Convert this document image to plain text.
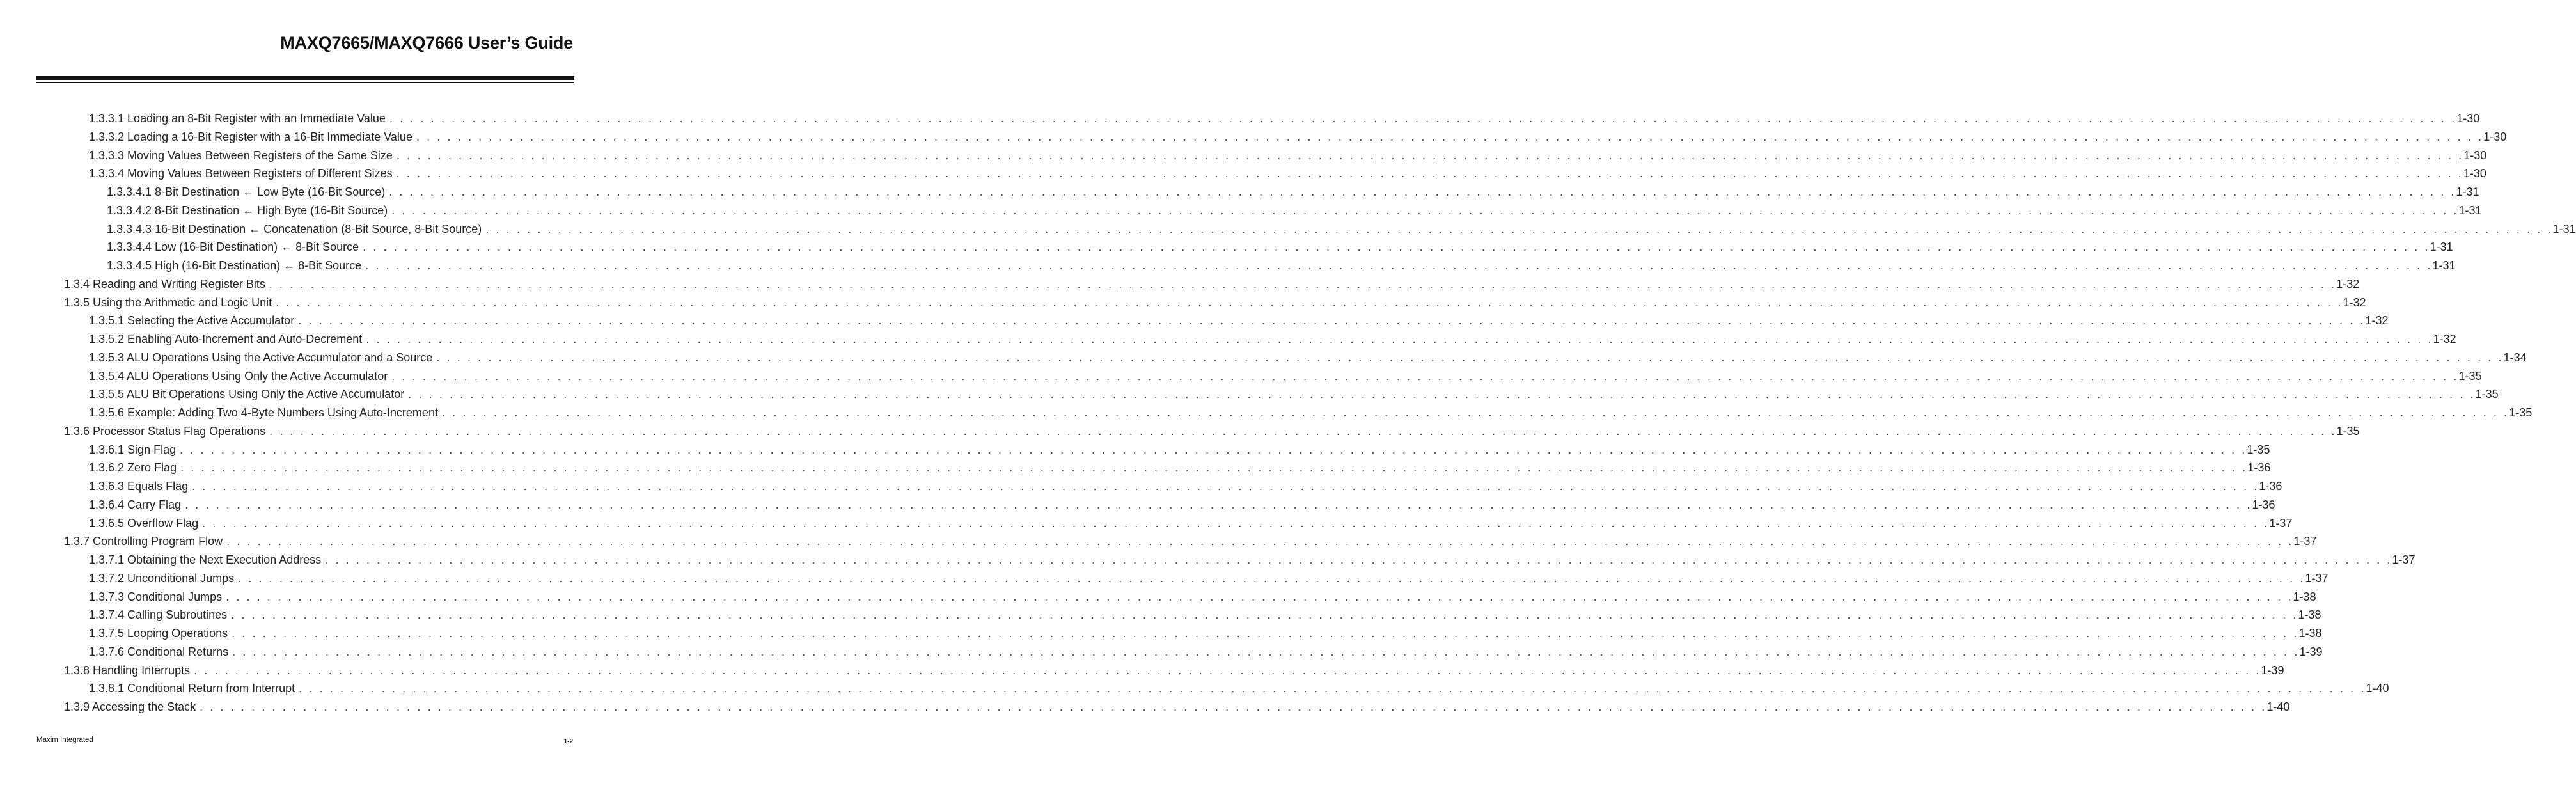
MAXQ7665/MAXQ7666 User’s Guide
1.3.3.1 Loading an 8-Bit Register with an Immediate Value . . . . . . . . . . . . . . . . . . . . . . . . . . . . . . . . . . . . . . . . . . . . . . . . . . . . . . . . . . . . . . . . . . . . . . . . . . . . . . . . . . . . . . . . . . . . . . . . . . . . . . . . . . . . . . . . . . . . . . . . . . . . . . . . . . . . . . . . . . . . . . . . . . . . . . . . . . . . . . . . . . . . . . . . . . . . . . . . . . . . . . . . . . . . . . . . . . . . . . . . 1-30
1.3.3.2 Loading a 16-Bit Register with a 16-Bit Immediate Value . . . . . . . . . . . . . . . . . . . . . . . . . . . . . . . . . . . . . . . . . . . . . . . . . . . . . . . . . . . . . . . . . . . . . . . . . . . . . . . . . . . . . . . . . . . . . . . . . . . . . . . . . . . . . . . . . . . . . . . . . . . . . . . . . . . . . . . . . . . . . . . . . . . . . . . . . . . . . . . . . . . . . . . . . . . . . . . . . . . . . . . . . . . . . . . . . . . . . . . . 1-30
1.3.3.3 Moving Values Between Registers of the Same Size . . . . . . . . . . . . . . . . . . . . . . . . . . . . . . . . . . . . . . . . . . . . . . . . . . . . . . . . . . . . . . . . . . . . . . . . . . . . . . . . . . . . . . . . . . . . . . . . . . . . . . . . . . . . . . . . . . . . . . . . . . . . . . . . . . . . . . . . . . . . . . . . . . . . . . . . . . . . . . . . . . . . . . . . . . . . . . . . . . . . . . . . . . . . . . . . . . . . . . . . 1-30
1.3.3.4 Moving Values Between Registers of Different Sizes . . . . . . . . . . . . . . . . . . . . . . . . . . . . . . . . . . . . . . . . . . . . . . . . . . . . . . . . . . . . . . . . . . . . . . . . . . . . . . . . . . . . . . . . . . . . . . . . . . . . . . . . . . . . . . . . . . . . . . . . . . . . . . . . . . . . . . . . . . . . . . . . . . . . . . . . . . . . . . . . . . . . . . . . . . . . . . . . . . . . . . . . . . . . . . . . . . . . . . . . 1-30
1.3.3.4.1 8-Bit Destination ← Low Byte (16-Bit Source) . . . . . . . . . . . . . . . . . . . . . . . . . . . . . . . . . . . . . . . . . . . . . . . . . . . . . . . . . . . . . . . . . . . . . . . . . . . . . . . . . . . . . . . . . . . . . . . . . . . . . . . . . . . . . . . . . . . . . . . . . . . . . . . . . . . . . . . . . . . . . . . . . . . . . . . . . . . . . . . . . . . . . . . . . . . . . . . . . . . . . . . . . . . . . . . . . . . . . . . . 1-31
1.3.3.4.2 8-Bit Destination ← High Byte (16-Bit Source) . . . . . . . . . . . . . . . . . . . . . . . . . . . . . . . . . . . . . . . . . . . . . . . . . . . . . . . . . . . . . . . . . . . . . . . . . . . . . . . . . . . . . . . . . . . . . . . . . . . . . . . . . . . . . . . . . . . . . . . . . . . . . . . . . . . . . . . . . . . . . . . . . . . . . . . . . . . . . . . . . . . . . . . . . . . . . . . . . . . . . . . . . . . . . . . . . . . . . . . . 1-31
1.3.3.4.3 16-Bit Destination ← Concatenation (8-Bit Source, 8-Bit Source) . . . . . . . . . . . . . . . . . . . . . . . . . . . . . . . . . . . . . . . . . . . . . . . . . . . . . . . . . . . . . . . . . . . . . . . . . . . . . . . . . . . . . . . . . . . . . . . . . . . . . . . . . . . . . . . . . . . . . . . . . . . . . . . . . . . . . . . . . . . . . . . . . . . . . . . . . . . . . . . . . . . . . . . . . . . . . . . . . . . . . . . . . . . . . . . . . . . . . . . . 1-31
1.3.3.4.4 Low (16-Bit Destination) ← 8-Bit Source . . . . . . . . . . . . . . . . . . . . . . . . . . . . . . . . . . . . . . . . . . . . . . . . . . . . . . . . . . . . . . . . . . . . . . . . . . . . . . . . . . . . . . . . . . . . . . . . . . . . . . . . . . . . . . . . . . . . . . . . . . . . . . . . . . . . . . . . . . . . . . . . . . . . . . . . . . . . . . . . . . . . . . . . . . . . . . . . . . . . . . . . . . . . . . . . . . . . . . . . 1-31
1.3.3.4.5 High (16-Bit Destination) ← 8-Bit Source . . . . . . . . . . . . . . . . . . . . . . . . . . . . . . . . . . . . . . . . . . . . . . . . . . . . . . . . . . . . . . . . . . . . . . . . . . . . . . . . . . . . . . . . . . . . . . . . . . . . . . . . . . . . . . . . . . . . . . . . . . . . . . . . . . . . . . . . . . . . . . . . . . . . . . . . . . . . . . . . . . . . . . . . . . . . . . . . . . . . . . . . . . . . . . . . . . . . . . . . 1-31
1.3.4 Reading and Writing Register Bits . . . . . . . . . . . . . . . . . . . . . . . . . . . . . . . . . . . . . . . . . . . . . . . . . . . . . . . . . . . . . . . . . . . . . . . . . . . . . . . . . . . . . . . . . . . . . . . . . . . . . . . . . . . . . . . . . . . . . . . . . . . . . . . . . . . . . . . . . . . . . . . . . . . . . . . . . . . . . . . . . . . . . . . . . . . . . . . . . . . . . . . . . . . . . . . . . . . . . . . . 1-32
1.3.5 Using the Arithmetic and Logic Unit . . . . . . . . . . . . . . . . . . . . . . . . . . . . . . . . . . . . . . . . . . . . . . . . . . . . . . . . . . . . . . . . . . . . . . . . . . . . . . . . . . . . . . . . . . . . . . . . . . . . . . . . . . . . . . . . . . . . . . . . . . . . . . . . . . . . . . . . . . . . . . . . . . . . . . . . . . . . . . . . . . . . . . . . . . . . . . . . . . . . . . . . . . . . . . . . . . . . . . . . 1-32
1.3.5.1 Selecting the Active Accumulator . . . . . . . . . . . . . . . . . . . . . . . . . . . . . . . . . . . . . . . . . . . . . . . . . . . . . . . . . . . . . . . . . . . . . . . . . . . . . . . . . . . . . . . . . . . . . . . . . . . . . . . . . . . . . . . . . . . . . . . . . . . . . . . . . . . . . . . . . . . . . . . . . . . . . . . . . . . . . . . . . . . . . . . . . . . . . . . . . . . . . . . . . . . . . . . . . . . . . . . . 1-32
1.3.5.2 Enabling Auto-Increment and Auto-Decrement . . . . . . . . . . . . . . . . . . . . . . . . . . . . . . . . . . . . . . . . . . . . . . . . . . . . . . . . . . . . . . . . . . . . . . . . . . . . . . . . . . . . . . . . . . . . . . . . . . . . . . . . . . . . . . . . . . . . . . . . . . . . . . . . . . . . . . . . . . . . . . . . . . . . . . . . . . . . . . . . . . . . . . . . . . . . . . . . . . . . . . . . . . . . . . . . . . . . . . . . 1-32
1.3.5.3 ALU Operations Using the Active Accumulator and a Source . . . . . . . . . . . . . . . . . . . . . . . . . . . . . . . . . . . . . . . . . . . . . . . . . . . . . . . . . . . . . . . . . . . . . . . . . . . . . . . . . . . . . . . . . . . . . . . . . . . . . . . . . . . . . . . . . . . . . . . . . . . . . . . . . . . . . . . . . . . . . . . . . . . . . . . . . . . . . . . . . . . . . . . . . . . . . . . . . . . . . . . . . . . . . . . . . . . . . . . . 1-34
1.3.5.4 ALU Operations Using Only the Active Accumulator . . . . . . . . . . . . . . . . . . . . . . . . . . . . . . . . . . . . . . . . . . . . . . . . . . . . . . . . . . . . . . . . . . . . . . . . . . . . . . . . . . . . . . . . . . . . . . . . . . . . . . . . . . . . . . . . . . . . . . . . . . . . . . . . . . . . . . . . . . . . . . . . . . . . . . . . . . . . . . . . . . . . . . . . . . . . . . . . . . . . . . . . . . . . . . . . . . . . . . . . 1-35
1.3.5.5 ALU Bit Operations Using Only the Active Accumulator . . . . . . . . . . . . . . . . . . . . . . . . . . . . . . . . . . . . . . . . . . . . . . . . . . . . . . . . . . . . . . . . . . . . . . . . . . . . . . . . . . . . . . . . . . . . . . . . . . . . . . . . . . . . . . . . . . . . . . . . . . . . . . . . . . . . . . . . . . . . . . . . . . . . . . . . . . . . . . . . . . . . . . . . . . . . . . . . . . . . . . . . . . . . . . . . . . . . . . . . 1-35
1.3.5.6 Example: Adding Two 4-Byte Numbers Using Auto-Increment . . . . . . . . . . . . . . . . . . . . . . . . . . . . . . . . . . . . . . . . . . . . . . . . . . . . . . . . . . . . . . . . . . . . . . . . . . . . . . . . . . . . . . . . . . . . . . . . . . . . . . . . . . . . . . . . . . . . . . . . . . . . . . . . . . . . . . . . . . . . . . . . . . . . . . . . . . . . . . . . . . . . . . . . . . . . . . . . . . . . . . . . . . . . . . . . . . . . . . . . 1-35
1.3.6 Processor Status Flag Operations . . . . . . . . . . . . . . . . . . . . . . . . . . . . . . . . . . . . . . . . . . . . . . . . . . . . . . . . . . . . . . . . . . . . . . . . . . . . . . . . . . . . . . . . . . . . . . . . . . . . . . . . . . . . . . . . . . . . . . . . . . . . . . . . . . . . . . . . . . . . . . . . . . . . . . . . . . . . . . . . . . . . . . . . . . . . . . . . . . . . . . . . . . . . . . . . . . . . . . . . 1-35
1.3.6.1 Sign Flag . . . . . . . . . . . . . . . . . . . . . . . . . . . . . . . . . . . . . . . . . . . . . . . . . . . . . . . . . . . . . . . . . . . . . . . . . . . . . . . . . . . . . . . . . . . . . . . . . . . . . . . . . . . . . . . . . . . . . . . . . . . . . . . . . . . . . . . . . . . . . . . . . . . . . . . . . . . . . . . . . . . . . . . . . . . . . . . . . . . . . . . . . . . . . . . . . . . . . . . . 1-35
1.3.6.2 Zero Flag . . . . . . . . . . . . . . . . . . . . . . . . . . . . . . . . . . . . . . . . . . . . . . . . . . . . . . . . . . . . . . . . . . . . . . . . . . . . . . . . . . . . . . . . . . . . . . . . . . . . . . . . . . . . . . . . . . . . . . . . . . . . . . . . . . . . . . . . . . . . . . . . . . . . . . . . . . . . . . . . . . . . . . . . . . . . . . . . . . . . . . . . . . . . . . . . . . . . . . . . 1-36
1.3.6.3 Equals Flag . . . . . . . . . . . . . . . . . . . . . . . . . . . . . . . . . . . . . . . . . . . . . . . . . . . . . . . . . . . . . . . . . . . . . . . . . . . . . . . . . . . . . . . . . . . . . . . . . . . . . . . . . . . . . . . . . . . . . . . . . . . . . . . . . . . . . . . . . . . . . . . . . . . . . . . . . . . . . . . . . . . . . . . . . . . . . . . . . . . . . . . . . . . . . . . . . . . . . . . . 1-36
1.3.6.4 Carry Flag . . . . . . . . . . . . . . . . . . . . . . . . . . . . . . . . . . . . . . . . . . . . . . . . . . . . . . . . . . . . . . . . . . . . . . . . . . . . . . . . . . . . . . . . . . . . . . . . . . . . . . . . . . . . . . . . . . . . . . . . . . . . . . . . . . . . . . . . . . . . . . . . . . . . . . . . . . . . . . . . . . . . . . . . . . . . . . . . . . . . . . . . . . . . . . . . . . . . . . . . 1-36
1.3.6.5 Overflow Flag . . . . . . . . . . . . . . . . . . . . . . . . . . . . . . . . . . . . . . . . . . . . . . . . . . . . . . . . . . . . . . . . . . . . . . . . . . . . . . . . . . . . . . . . . . . . . . . . . . . . . . . . . . . . . . . . . . . . . . . . . . . . . . . . . . . . . . . . . . . . . . . . . . . . . . . . . . . . . . . . . . . . . . . . . . . . . . . . . . . . . . . . . . . . . . . . . . . . . . . . 1-37
1.3.7 Controlling Program Flow . . . . . . . . . . . . . . . . . . . . . . . . . . . . . . . . . . . . . . . . . . . . . . . . . . . . . . . . . . . . . . . . . . . . . . . . . . . . . . . . . . . . . . . . . . . . . . . . . . . . . . . . . . . . . . . . . . . . . . . . . . . . . . . . . . . . . . . . . . . . . . . . . . . . . . . . . . . . . . . . . . . . . . . . . . . . . . . . . . . . . . . . . . . . . . . . . . . . . . . . 1-37
1.3.7.1 Obtaining the Next Execution Address . . . . . . . . . . . . . . . . . . . . . . . . . . . . . . . . . . . . . . . . . . . . . . . . . . . . . . . . . . . . . . . . . . . . . . . . . . . . . . . . . . . . . . . . . . . . . . . . . . . . . . . . . . . . . . . . . . . . . . . . . . . . . . . . . . . . . . . . . . . . . . . . . . . . . . . . . . . . . . . . . . . . . . . . . . . . . . . . . . . . . . . . . . . . . . . . . . . . . . . . 1-37
1.3.7.2 Unconditional Jumps . . . . . . . . . . . . . . . . . . . . . . . . . . . . . . . . . . . . . . . . . . . . . . . . . . . . . . . . . . . . . . . . . . . . . . . . . . . . . . . . . . . . . . . . . . . . . . . . . . . . . . . . . . . . . . . . . . . . . . . . . . . . . . . . . . . . . . . . . . . . . . . . . . . . . . . . . . . . . . . . . . . . . . . . . . . . . . . . . . . . . . . . . . . . . . . . . . . . . . . . 1-37
1.3.7.3 Conditional Jumps . . . . . . . . . . . . . . . . . . . . . . . . . . . . . . . . . . . . . . . . . . . . . . . . . . . . . . . . . . . . . . . . . . . . . . . . . . . . . . . . . . . . . . . . . . . . . . . . . . . . . . . . . . . . . . . . . . . . . . . . . . . . . . . . . . . . . . . . . . . . . . . . . . . . . . . . . . . . . . . . . . . . . . . . . . . . . . . . . . . . . . . . . . . . . . . . . . . . . . . . 1-38
1.3.7.4 Calling Subroutines . . . . . . . . . . . . . . . . . . . . . . . . . . . . . . . . . . . . . . . . . . . . . . . . . . . . . . . . . . . . . . . . . . . . . . . . . . . . . . . . . . . . . . . . . . . . . . . . . . . . . . . . . . . . . . . . . . . . . . . . . . . . . . . . . . . . . . . . . . . . . . . . . . . . . . . . . . . . . . . . . . . . . . . . . . . . . . . . . . . . . . . . . . . . . . . . . . . . . . . . 1-38
1.3.7.5 Looping Operations . . . . . . . . . . . . . . . . . . . . . . . . . . . . . . . . . . . . . . . . . . . . . . . . . . . . . . . . . . . . . . . . . . . . . . . . . . . . . . . . . . . . . . . . . . . . . . . . . . . . . . . . . . . . . . . . . . . . . . . . . . . . . . . . . . . . . . . . . . . . . . . . . . . . . . . . . . . . . . . . . . . . . . . . . . . . . . . . . . . . . . . . . . . . . . . . . . . . . . . . 1-38
1.3.7.6 Conditional Returns . . . . . . . . . . . . . . . . . . . . . . . . . . . . . . . . . . . . . . . . . . . . . . . . . . . . . . . . . . . . . . . . . . . . . . . . . . . . . . . . . . . . . . . . . . . . . . . . . . . . . . . . . . . . . . . . . . . . . . . . . . . . . . . . . . . . . . . . . . . . . . . . . . . . . . . . . . . . . . . . . . . . . . . . . . . . . . . . . . . . . . . . . . . . . . . . . . . . . . . . 1-39
1.3.8 Handling Interrupts . . . . . . . . . . . . . . . . . . . . . . . . . . . . . . . . . . . . . . . . . . . . . . . . . . . . . . . . . . . . . . . . . . . . . . . . . . . . . . . . . . . . . . . . . . . . . . . . . . . . . . . . . . . . . . . . . . . . . . . . . . . . . . . . . . . . . . . . . . . . . . . . . . . . . . . . . . . . . . . . . . . . . . . . . . . . . . . . . . . . . . . . . . . . . . . . . . . . . . . . 1-39
1.3.8.1 Conditional Return from Interrupt . . . . . . . . . . . . . . . . . . . . . . . . . . . . . . . . . . . . . . . . . . . . . . . . . . . . . . . . . . . . . . . . . . . . . . . . . . . . . . . . . . . . . . . . . . . . . . . . . . . . . . . . . . . . . . . . . . . . . . . . . . . . . . . . . . . . . . . . . . . . . . . . . . . . . . . . . . . . . . . . . . . . . . . . . . . . . . . . . . . . . . . . . . . . . . . . . . . . . . . . 1-40
1.3.9 Accessing the Stack . . . . . . . . . . . . . . . . . . . . . . . . . . . . . . . . . . . . . . . . . . . . . . . . . . . . . . . . . . . . . . . . . . . . . . . . . . . . . . . . . . . . . . . . . . . . . . . . . . . . . . . . . . . . . . . . . . . . . . . . . . . . . . . . . . . . . . . . . . . . . . . . . . . . . . . . . . . . . . . . . . . . . . . . . . . . . . . . . . . . . . . . . . . . . . . . . . . . . . . . 1-40
Maxim Integrated	1-2
